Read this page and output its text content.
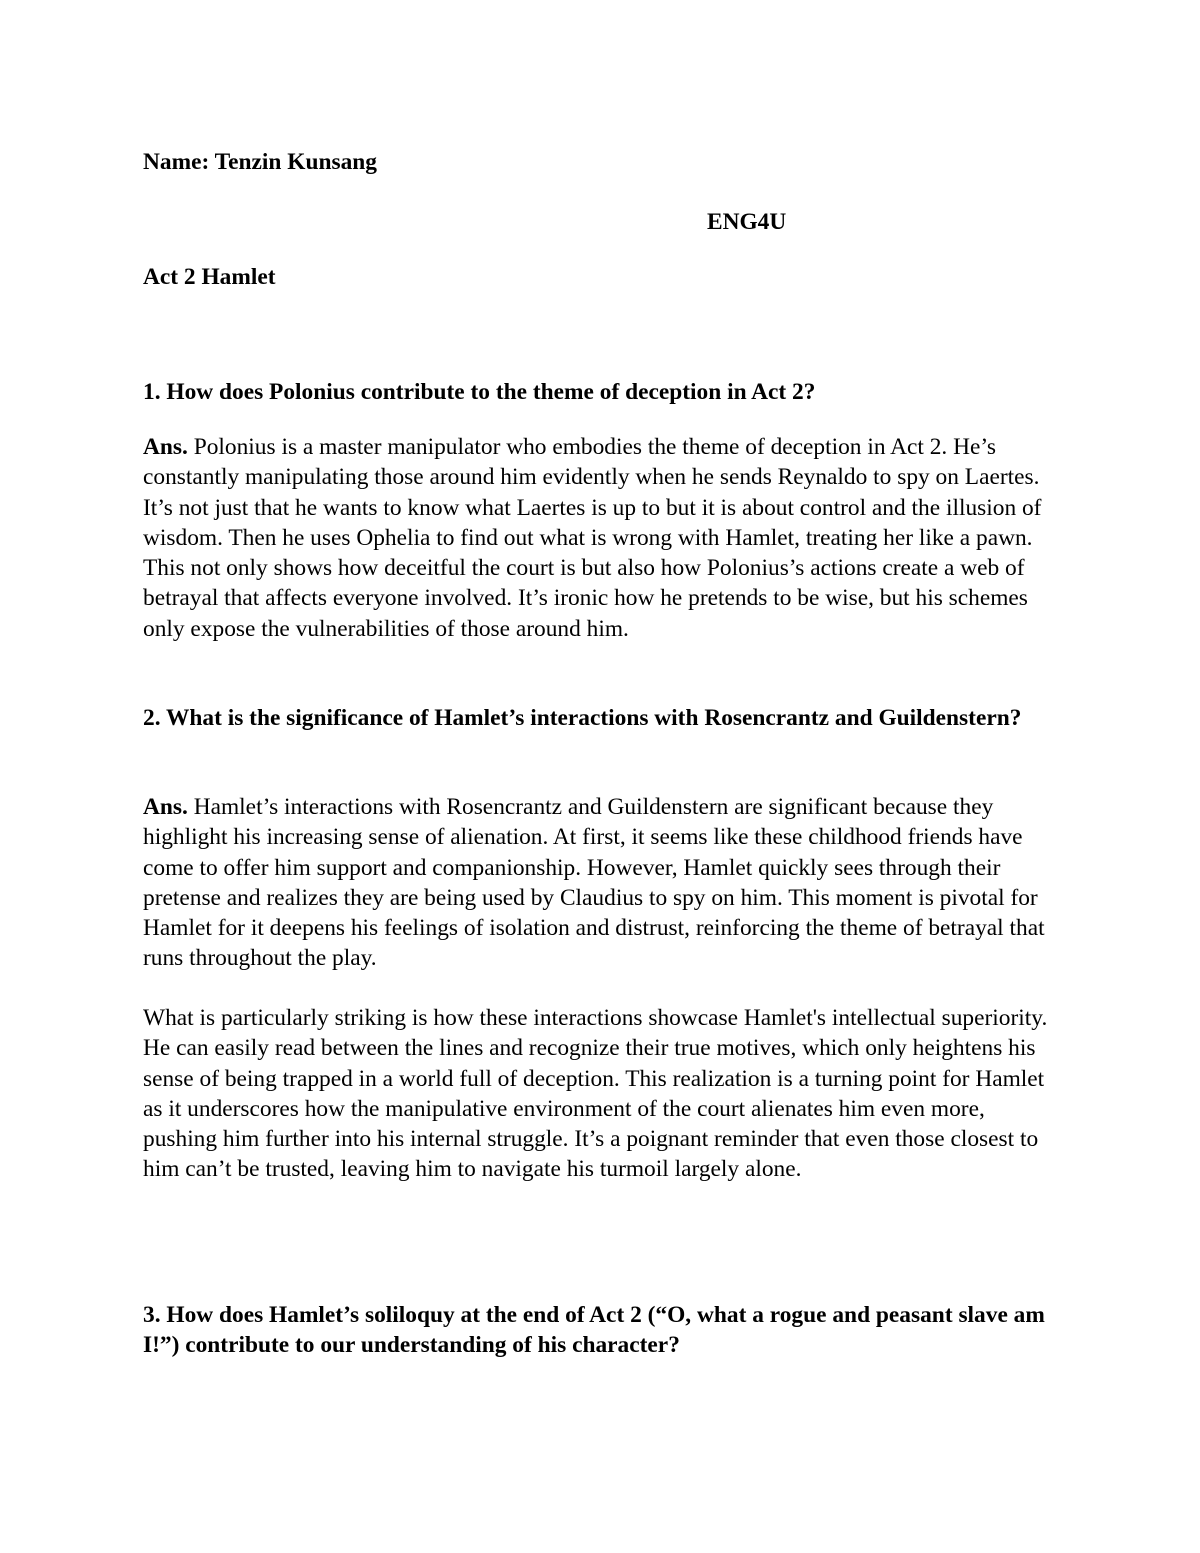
Name: Tenzin Kunsang

ENG4U

Act 2 Hamlet

1. How does Polonius contribute to the theme of deception in Act 2?

Ans. Polonius is a master manipulator who embodies the theme of deception in Act 2. He’s constantly manipulating those around him evidently when he sends Reynaldo to spy on Laertes. It’s not just that he wants to know what Laertes is up to but it is about control and the illusion of wisdom. Then he uses Ophelia to find out what is wrong with Hamlet, treating her like a pawn. This not only shows how deceitful the court is but also how Polonius’s actions create a web of betrayal that affects everyone involved. It’s ironic how he pretends to be wise, but his schemes only expose the vulnerabilities of those around him.

2. What is the significance of Hamlet’s interactions with Rosencrantz and Guildenstern?

Ans. Hamlet’s interactions with Rosencrantz and Guildenstern are significant because they highlight his increasing sense of alienation. At first, it seems like these childhood friends have come to offer him support and companionship. However, Hamlet quickly sees through their pretense and realizes they are being used by Claudius to spy on him. This moment is pivotal for Hamlet for it deepens his feelings of isolation and distrust, reinforcing the theme of betrayal that runs throughout the play.

What is particularly striking is how these interactions showcase Hamlet's intellectual superiority. He can easily read between the lines and recognize their true motives, which only heightens his sense of being trapped in a world full of deception. This realization is a turning point for Hamlet as it underscores how the manipulative environment of the court alienates him even more, pushing him further into his internal struggle. It’s a poignant reminder that even those closest to him can’t be trusted, leaving him to navigate his turmoil largely alone.

3. How does Hamlet’s soliloquy at the end of Act 2 (“O, what a rogue and peasant slave am I!”) contribute to our understanding of his character?
